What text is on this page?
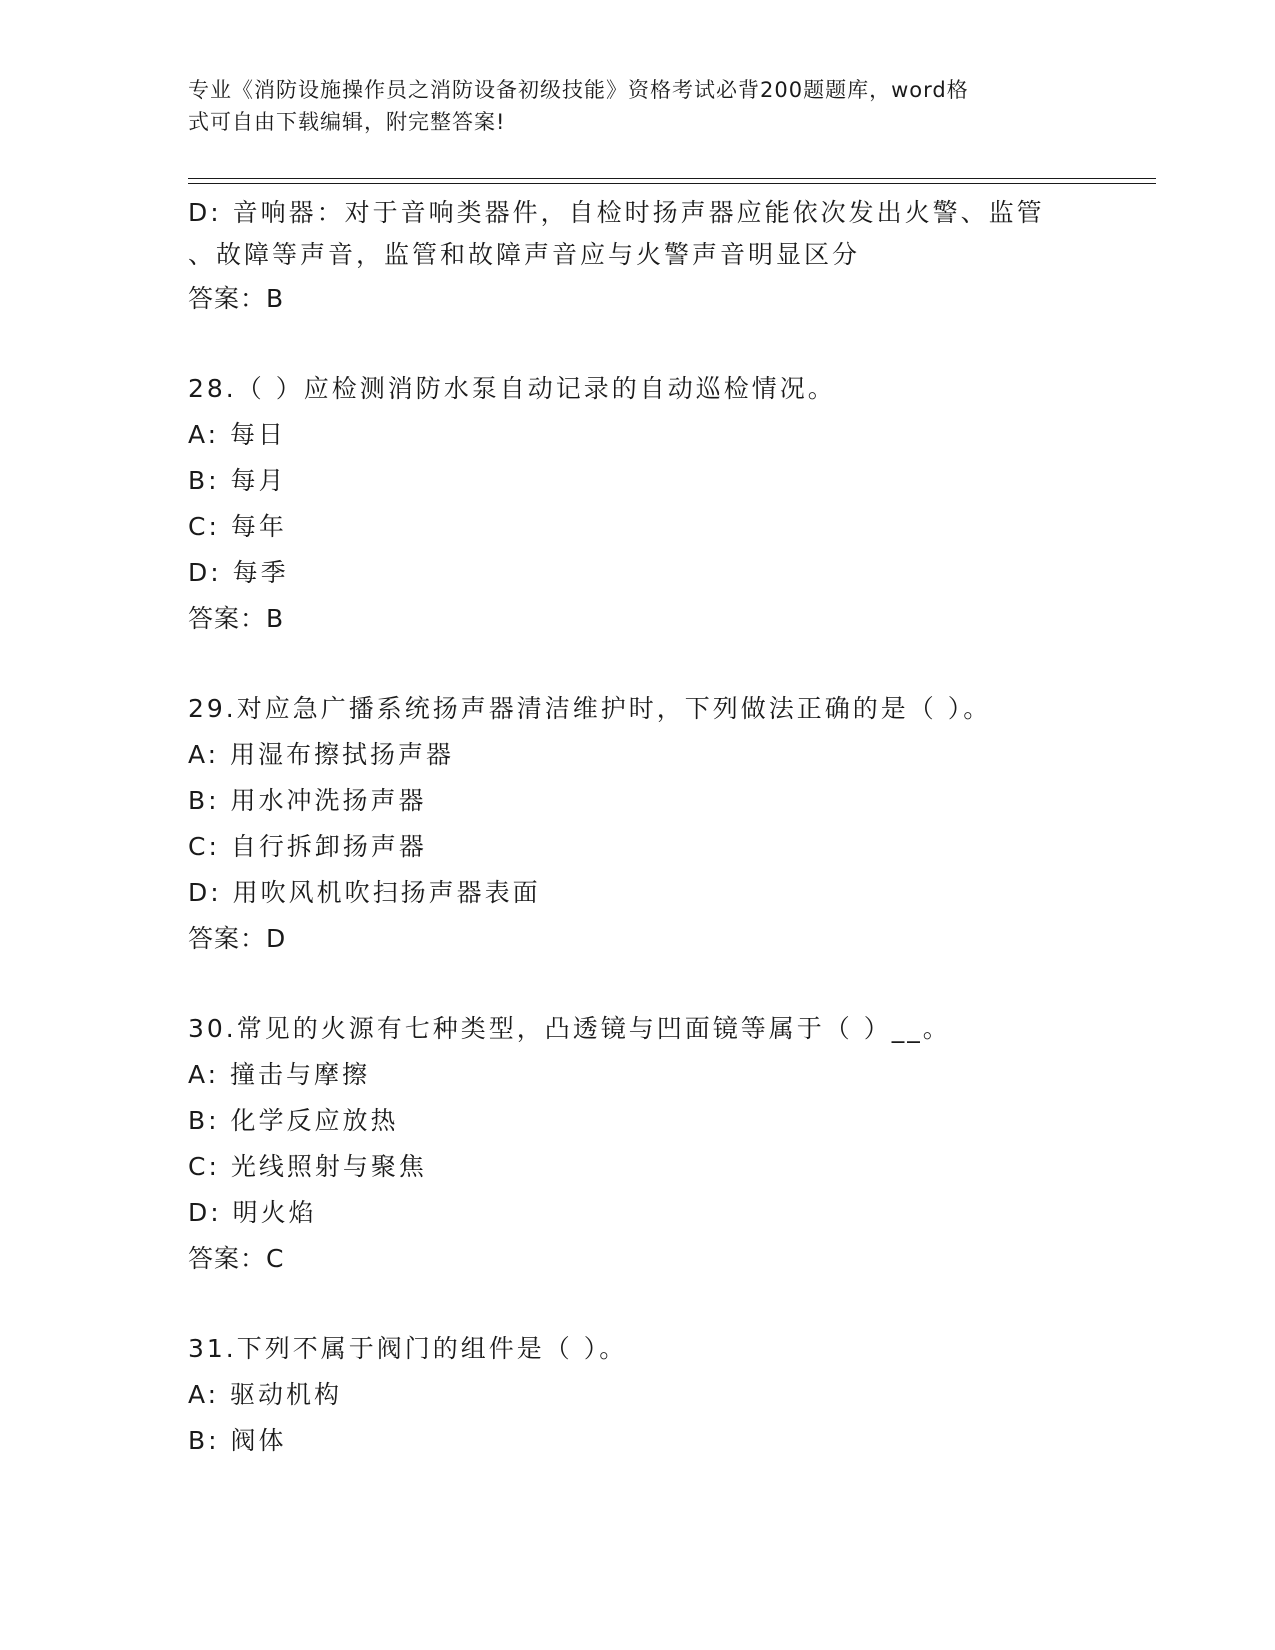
专业《消防设施操作员之消防设备初级技能》资格考试必背200题题库，word格
式可自由下载编辑，附完整答案!
D: 音响器：对于音响类器件，自检时扬声器应能依次发出火警、监管
、故障等声音，监管和故障声音应与火警声音明显区分
答案：B
28.（ ）应检测消防水泵自动记录的自动巡检情况。
A: 每日
B: 每月
C: 每年
D: 每季
答案：B
29.对应急广播系统扬声器清洁维护时，下列做法正确的是（ ）。
A: 用湿布擦拭扬声器
B: 用水冲洗扬声器
C: 自行拆卸扬声器
D: 用吹风机吹扫扬声器表面
答案：D
30.常见的火源有七种类型，凸透镜与凹面镜等属于（ ）__。
A: 撞击与摩擦
B: 化学反应放热
C: 光线照射与聚焦
D: 明火焰
答案：C
31.下列不属于阀门的组件是（ ）。
A: 驱动机构
B: 阀体
